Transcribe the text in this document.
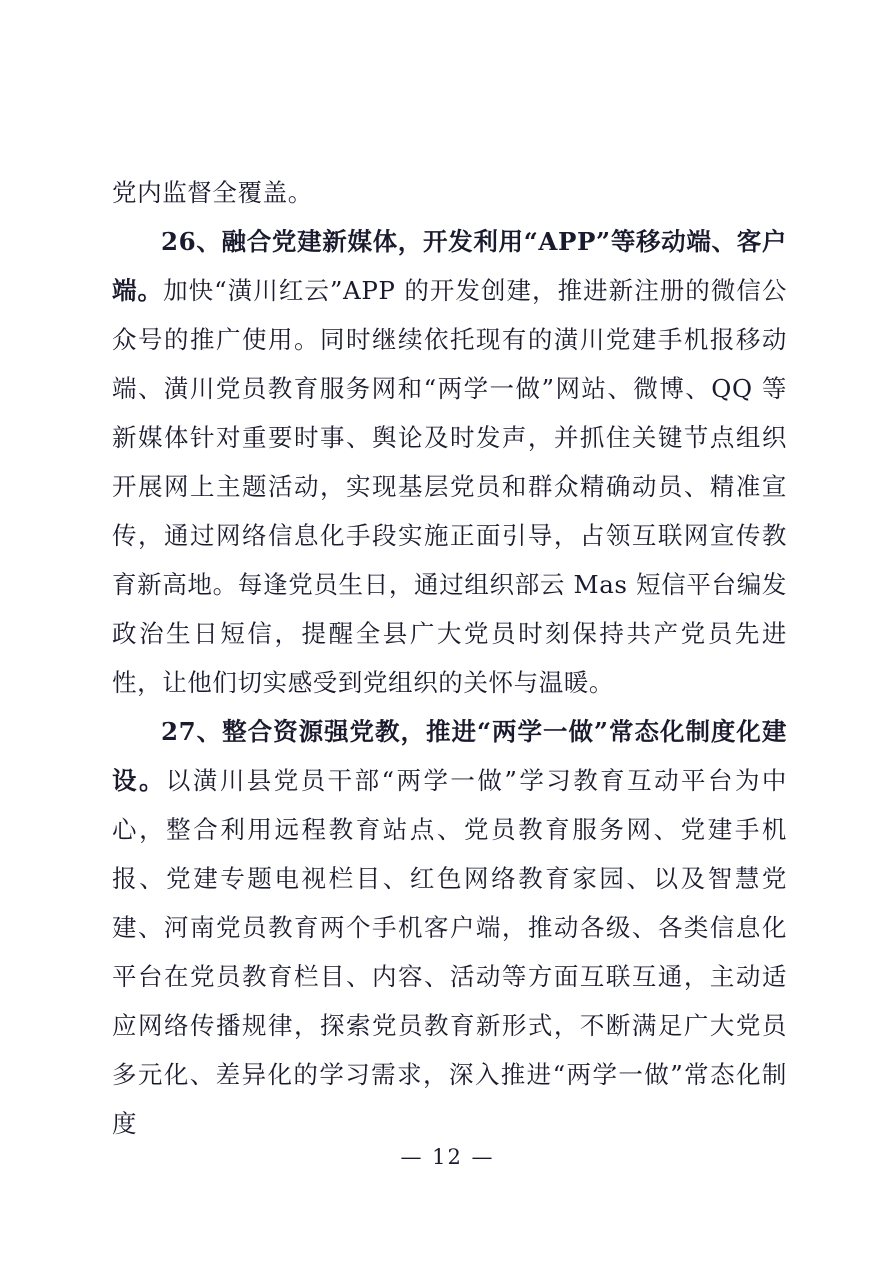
党内监督全覆盖。

26、融合党建新媒体，开发利用“APP”等移动端、客户端。加快“潢川红云”APP 的开发创建，推进新注册的微信公众号的推广使用。同时继续依托现有的潢川党建手机报移动端、潢川党员教育服务网和“两学一做”网站、微博、QQ 等新媒体针对重要时事、舆论及时发声，并抓住关键节点组织开展网上主题活动，实现基层党员和群众精确动员、精准宣传，通过网络信息化手段实施正面引导，占领互联网宣传教育新高地。每逢党员生日，通过组织部云 Mas 短信平台编发政治生日短信，提醒全县广大党员时刻保持共产党员先进性，让他们切实感受到党组织的关怀与温暖。

27、整合资源强党教，推进“两学一做”常态化制度化建设。以潢川县党员干部“两学一做”学习教育互动平台为中心，整合利用远程教育站点、党员教育服务网、党建手机报、党建专题电视栏目、红色网络教育家园、以及智慧党建、河南党员教育两个手机客户端，推动各级、各类信息化平台在党员教育栏目、内容、活动等方面互联互通，主动适应网络传播规律，探索党员教育新形式，不断满足广大党员多元化、差异化的学习需求，深入推进“两学一做”常态化制度

— 12 —
